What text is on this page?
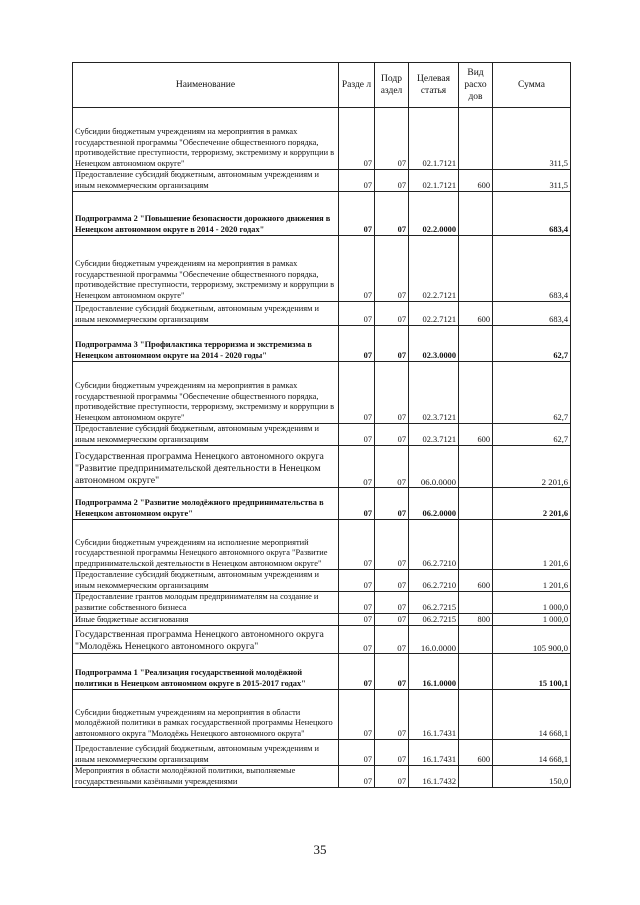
Наименование	Разде л	Подр аздел	Целевая статья	Вид расхо дов	Сумма
Субсидии бюджетным учреждениям на мероприятия в рамках государственной программы "Обеспечение общественного порядка, противодействие преступности, терроризму, экстремизму и коррупции в Ненецком автономном округе"	07	07	02.1.7121		311,5
Предоставление субсидий бюджетным, автономным учреждениям и иным некоммерческим организациям	07	07	02.1.7121	600	311,5
Подпрограмма 2 "Повышение безопасности дорожного движения в Ненецком автономном округе в 2014 - 2020 годах"	07	07	02.2.0000		683,4
Субсидии бюджетным учреждениям на мероприятия в рамках государственной программы "Обеспечение общественного порядка, противодействие преступности, терроризму, экстремизму и коррупции в Ненецком автономном округе"	07	07	02.2.7121		683,4
Предоставление субсидий бюджетным, автономным учреждениям и иным некоммерческим организациям	07	07	02.2.7121	600	683,4
Подпрограмма 3 "Профилактика терроризма и экстремизма в Ненецком автономном округе на 2014 - 2020 годы"	07	07	02.3.0000		62,7
Субсидии бюджетным учреждениям на мероприятия в рамках государственной программы "Обеспечение общественного порядка, противодействие преступности, терроризму, экстремизму и коррупции в Ненецком автономном округе"	07	07	02.3.7121		62,7
Предоставление субсидий бюджетным, автономным учреждениям и иным некоммерческим организациям	07	07	02.3.7121	600	62,7
Государственная программа Ненецкого автономного округа "Развитие предпринимательской деятельности в Ненецком автономном округе"	07	07	06.0.0000		2 201,6
Подпрограмма 2 "Развитие молодёжного предпринимательства в Ненецком автономном округе"	07	07	06.2.0000		2 201,6
Субсидии бюджетным учреждениям на исполнение мероприятий государственной программы Ненецкого автономного округа "Развитие предпринимательской деятельности в Ненецком автономном округе"	07	07	06.2.7210		1 201,6
Предоставление субсидий бюджетным, автономным учреждениям и иным некоммерческим организациям	07	07	06.2.7210	600	1 201,6
Предоставление грантов молодым предпринимателям на создание и развитие собственного бизнеса	07	07	06.2.7215		1 000,0
Иные бюджетные ассигнования	07	07	06.2.7215	800	1 000,0
Государственная программа Ненецкого автономного округа "Молодёжь Ненецкого автономного округа"	07	07	16.0.0000		105 900,0
Подпрограмма 1 "Реализация государственной молодёжной политики в Ненецком автономном округе в 2015-2017 годах"	07	07	16.1.0000		15 100,1
Субсидии бюджетным учреждениям на мероприятия в области молодёжной политики в рамках государственной программы Ненецкого автономного округа "Молодёжь Ненецкого автономного округа"	07	07	16.1.7431		14 668,1
Предоставление субсидий бюджетным, автономным учреждениям и иным некоммерческим организациям	07	07	16.1.7431	600	14 668,1
Мероприятия в области молодёжной политики, выполняемые государственными казёнными учреждениями	07	07	16.1.7432		150,0
35
